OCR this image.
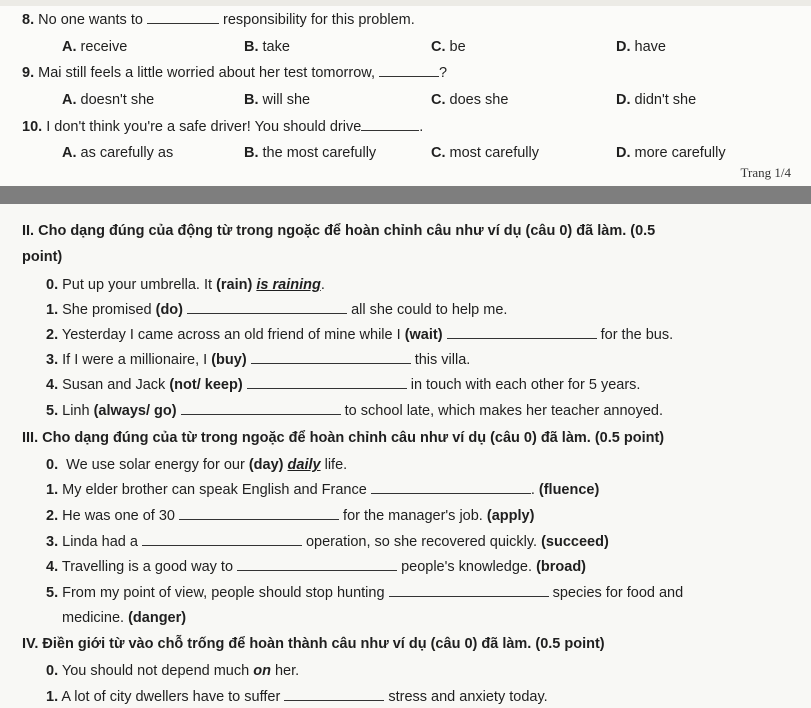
8. No one wants to	responsibility for this problem.
A. receive	B. take	C. be	D. have
9. Mai still feels a little worried about her test tomorrow,	?
A. doesn't she	B. will she	C. does she	D. didn't she
10. I don't think you're a safe driver! You should drive	.
A. as carefully as	B. the most carefully	C. most carefully	D. more carefully
Trang 1/4
II. Cho dạng đúng của động từ trong ngoặc để hoàn chỉnh câu như ví dụ (câu 0) đã làm. (0.5
point)
0. Put up your umbrella. It (rain) is raining.
1. She promised (do)	all she could to help me.
2. Yesterday I came across an old friend of mine while I (wait)	for the bus.
3. If I were a millionaire, I (buy)	this villa.
4. Susan and Jack (not/ keep)	in touch with each other for 5 years.
5. Linh (always/ go)	to school late, which makes her teacher annoyed.
III. Cho dạng đúng của từ trong ngoặc để hoàn chỉnh câu như ví dụ (câu 0) đã làm. (0.5 point)
0. We use solar energy for our (day) daily life.
1. My elder brother can speak English and France	. (fluence)
2. He was one of 30	for the manager's job. (apply)
3. Linda had a	operation, so she recovered quickly. (succeed)
4. Travelling is a good way to	people's knowledge. (broad)
5. From my point of view, people should stop hunting	species for food and
medicine. (danger)
IV. Điền giới từ vào chỗ trống để hoàn thành câu như ví dụ (câu 0) đã làm. (0.5 point)
0. You should not depend much on her.
1. A lot of city dwellers have to suffer	stress and anxiety today.
